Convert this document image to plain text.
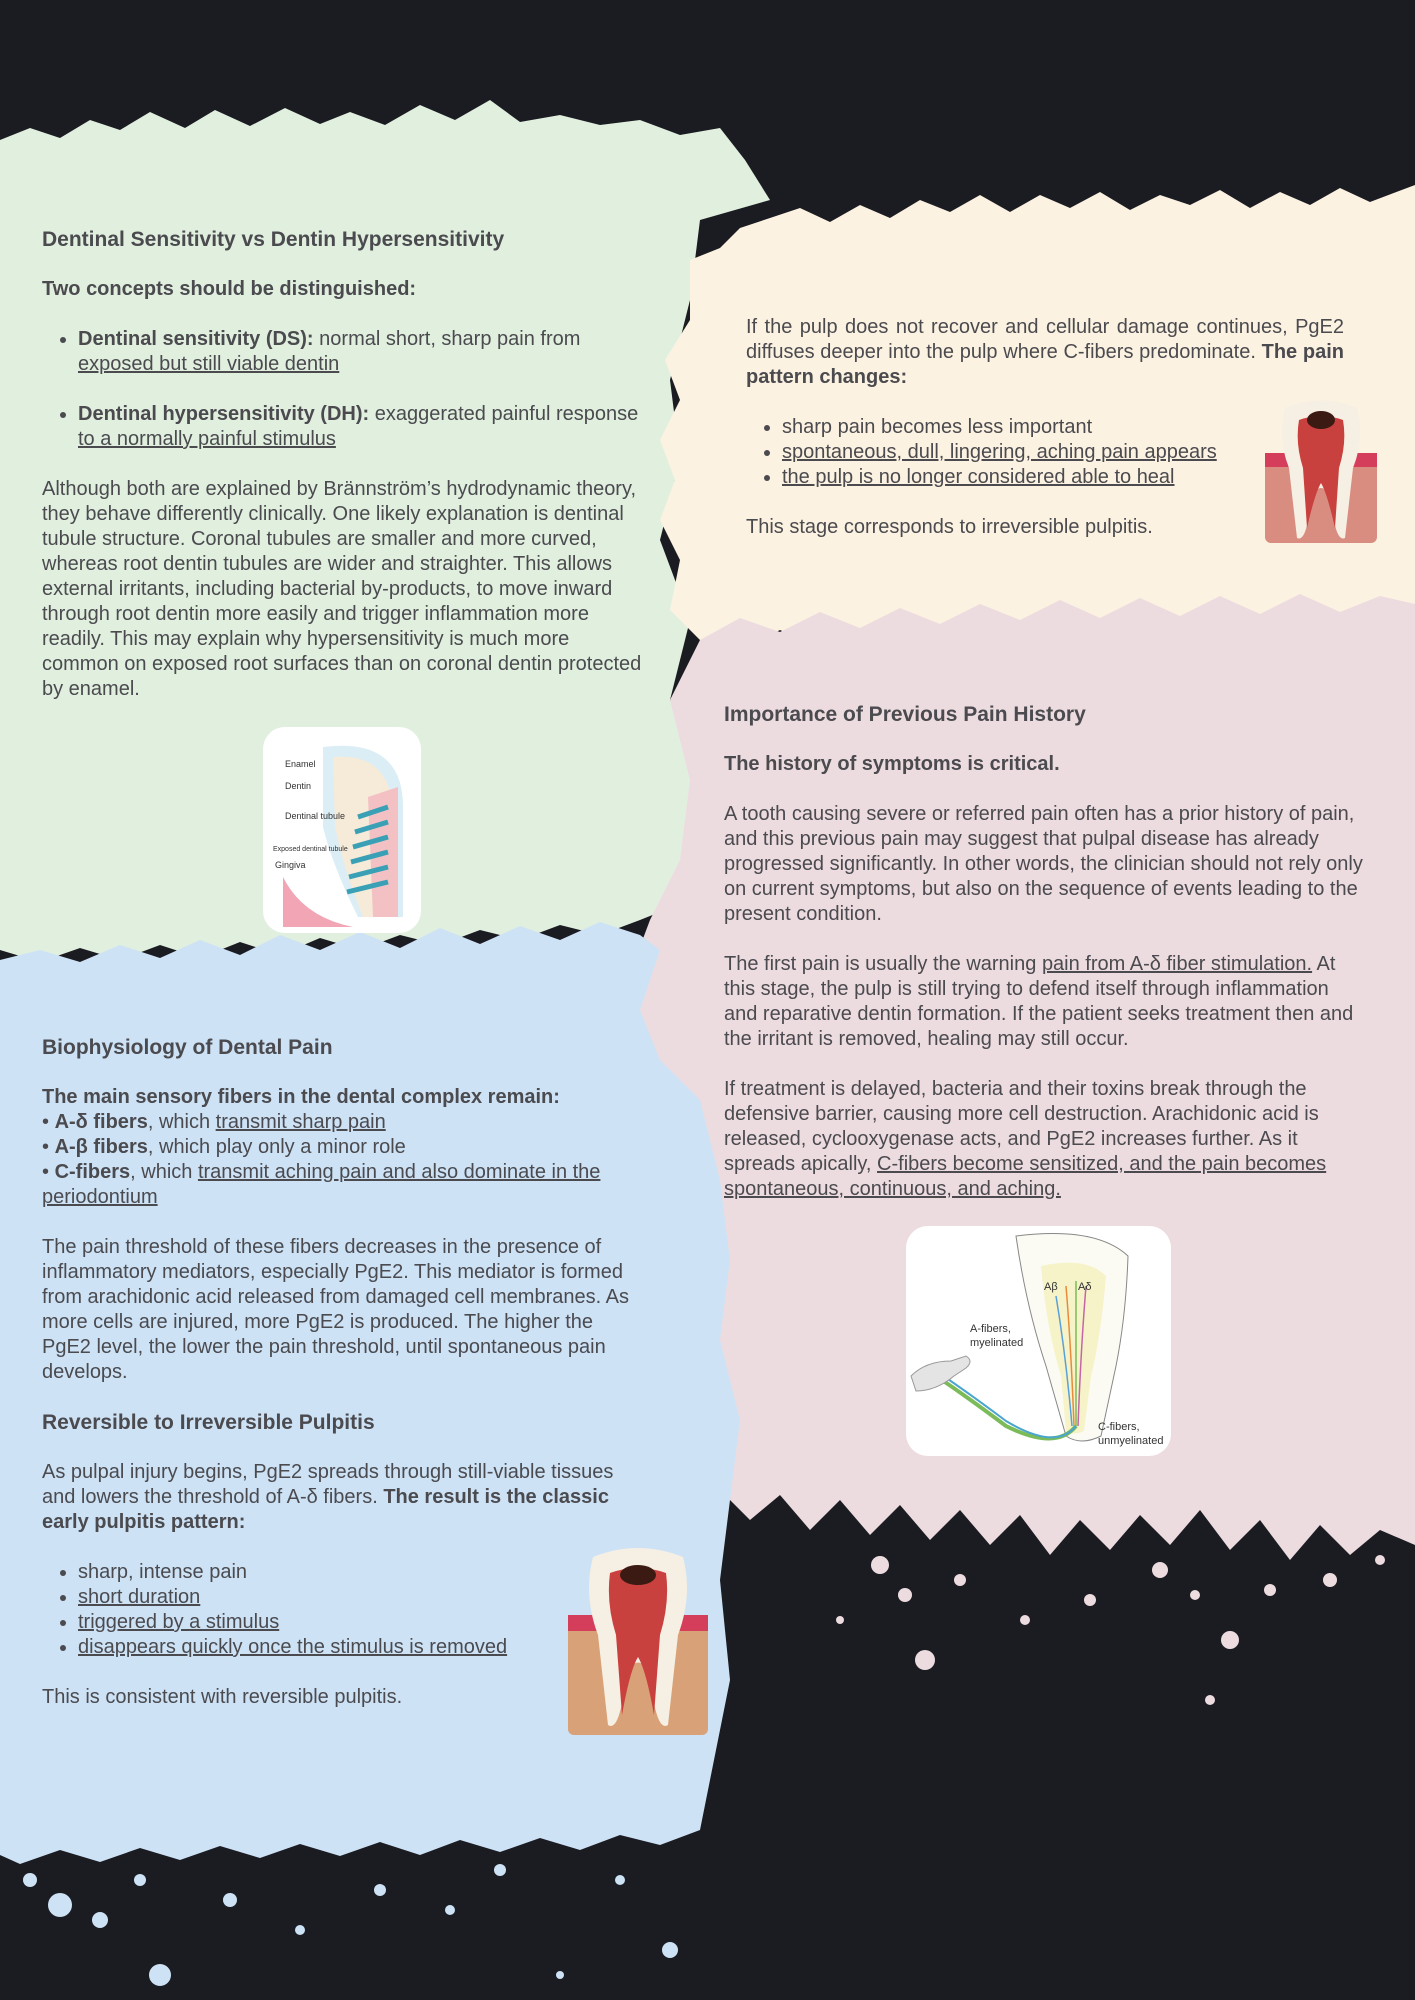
Dentinal Sensitivity vs Dentin Hypersensitivity

Two concepts should be distinguished:

• Dentinal sensitivity (DS): normal short, sharp pain from exposed but still viable dentin
• Dentinal hypersensitivity (DH): exaggerated painful response to a normally painful stimulus

Although both are explained by Brännström’s hydrodynamic theory, they behave differently clinically. One likely explanation is dentinal tubule structure. Coronal tubules are smaller and more curved, whereas root dentin tubules are wider and straighter. This allows external irritants, including bacterial by-products, to move inward through root dentin more easily and trigger inflammation more readily. This may explain why hypersensitivity is much more common on exposed root surfaces than on coronal dentin protected by enamel.

Enamel
Dentin
Dentinal tubule
Exposed dentinal tubule
Gingiva

If the pulp does not recover and cellular damage continues, PgE2 diffuses deeper into the pulp where C-fibers predominate. The pain pattern changes:

• sharp pain becomes less important
• spontaneous, dull, lingering, aching pain appears
• the pulp is no longer considered able to heal

This stage corresponds to irreversible pulpitis.

Importance of Previous Pain History

The history of symptoms is critical.

A tooth causing severe or referred pain often has a prior history of pain, and this previous pain may suggest that pulpal disease has already progressed significantly. In other words, the clinician should not rely only on current symptoms, but also on the sequence of events leading to the present condition.

The first pain is usually the warning pain from A-δ fiber stimulation. At this stage, the pulp is still trying to defend itself through inflammation and reparative dentin formation. If the patient seeks treatment then and the irritant is removed, healing may still occur.

If treatment is delayed, bacteria and their toxins break through the defensive barrier, causing more cell destruction. Arachidonic acid is released, cyclooxygenase acts, and PgE2 increases further. As it spreads apically, C-fibers become sensitized, and the pain becomes spontaneous, continuous, and aching.

Aβ Aδ
A-fibers,
myelinated
C-fibers,
unmyelinated
Biophysiology of Dental Pain
The main sensory fibers in the dental complex remain:
• A-δ fibers, which transmit sharp pain
• A-β fibers, which play only a minor role
• C-fibers, which transmit aching pain and also dominate in the periodontium

The pain threshold of these fibers decreases in the presence of inflammatory mediators, especially PgE2. This mediator is formed from arachidonic acid released from damaged cell membranes. As more cells are injured, more PgE2 is produced. The higher the PgE2 level, the lower the pain threshold, until spontaneous pain develops.

Reversible to Irreversible Pulpitis

As pulpal injury begins, PgE2 spreads through still-viable tissues and lowers the threshold of A-δ fibers. The result is the classic early pulpitis pattern:

• sharp, intense pain
• short duration
• triggered by a stimulus
• disappears quickly once the stimulus is removed

This is consistent with reversible pulpitis.
